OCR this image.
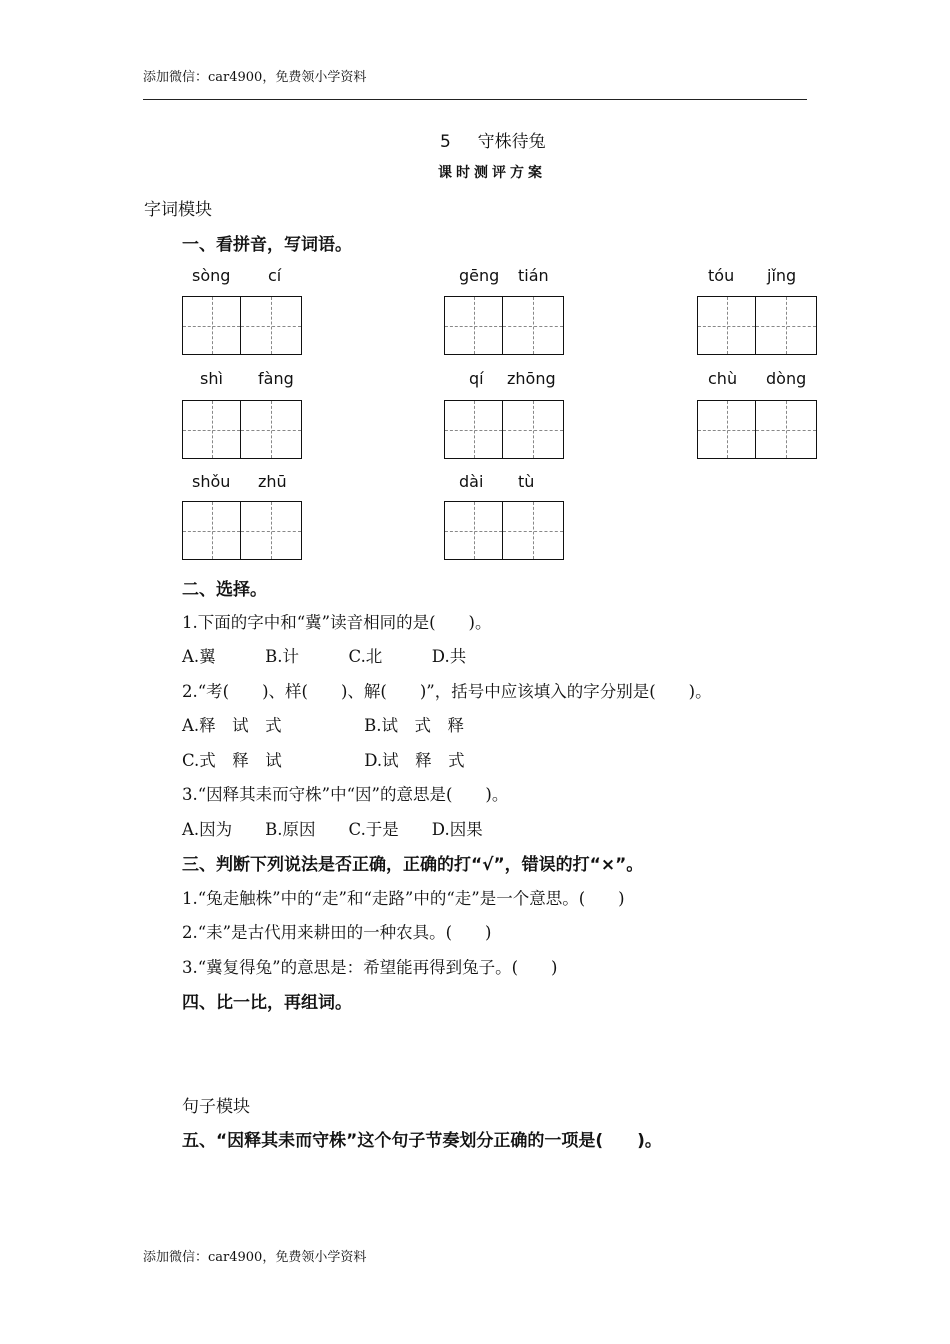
添加微信：car4900，免费领小学资料
5 守株待兔
课时测评方案
字词模块
一、看拼音，写词语。
sòng cí	gēng tián	tóu jǐng
shì fàng	qí zhōng	chù dòng
shǒu zhū	dài tù
二、选择。
1.下面的字中和“冀”读音相同的是(　　)。
A.翼　　　B.计　　　C.北　　　D.共
2.“考(　　)、样(　　)、解(　　)”，括号中应该填入的字分别是(　　)。
A.释　试　式　　　　　B.试　式　释
C.式　释　试　　　　　D.试　释　式
3.“因释其耒而守株”中“因”的意思是(　　)。
A.因为　　B.原因　　C.于是　　D.因果
三、判断下列说法是否正确，正确的打“√”，错误的打“×”。
1.“兔走触株”中的“走”和“走路”中的“走”是一个意思。(　　)
2.“耒”是古代用来耕田的一种农具。(　　)
3.“冀复得兔”的意思是：希望能再得到兔子。(　　)
四、比一比，再组词。
句子模块
五、“因释其耒而守株”这个句子节奏划分正确的一项是(　　)。
添加微信：car4900，免费领小学资料
